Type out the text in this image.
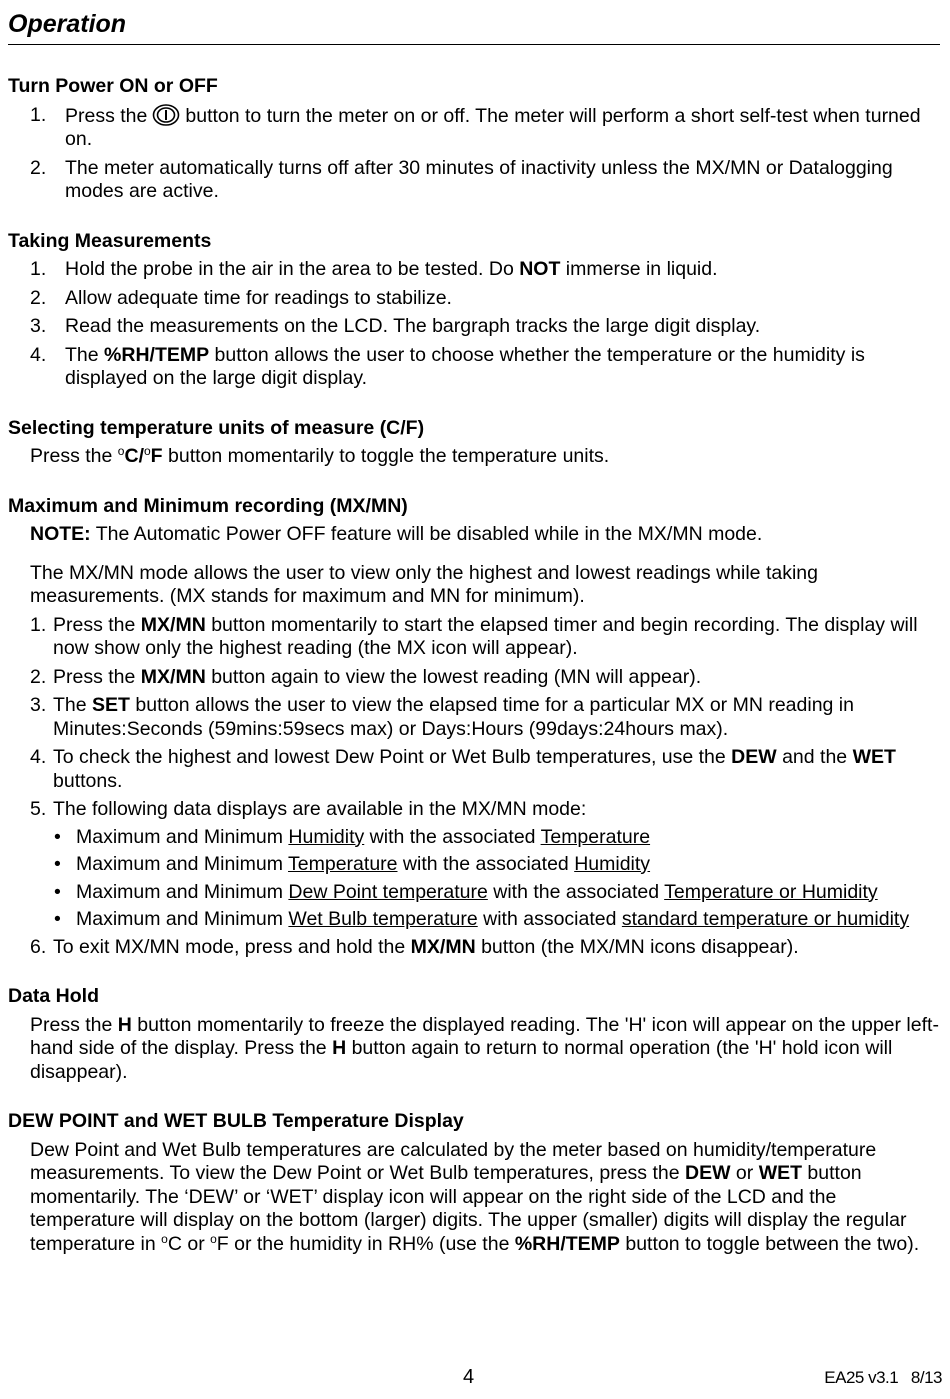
Operation
Turn Power ON or OFF
1. Press the button to turn the meter on or off. The meter will perform a short self-test when turned on.
2. The meter automatically turns off after 30 minutes of inactivity unless the MX/MN or Datalogging modes are active.
Taking Measurements
1. Hold the probe in the air in the area to be tested. Do NOT immerse in liquid.
2. Allow adequate time for readings to stabilize.
3. Read the measurements on the LCD. The bargraph tracks the large digit display.
4. The %RH/TEMP button allows the user to choose whether the temperature or the humidity is displayed on the large digit display.
Selecting temperature units of measure (C/F)

Press the $^o$C/$^o$F button momentarily to toggle the temperature units.

Maximum and Minimum recording (MX/MN)

NOTE: The Automatic Power OFF feature will be disabled while in the MX/MN mode.

The MX/MN mode allows the user to view only the highest and lowest readings while taking measurements. (MX stands for maximum and MN for minimum).

1. Press the MX/MN button momentarily to start the elapsed timer and begin recording. The display will now show only the highest reading (the MX icon will appear).
2. Press the MX/MN button again to view the lowest reading (MN will appear).
3. The SET button allows the user to view the elapsed time for a particular MX or MN reading in Minutes:Seconds (59mins:59secs max) or Days:Hours (99days:24hours max).
4. To check the highest and lowest Dew Point or Wet Bulb temperatures, use the DEW and the WET buttons.
5. The following data displays are available in the MX/MN mode:
• Maximum and Minimum Humidity with the associated Temperature
• Maximum and Minimum Temperature with the associated Humidity
• Maximum and Minimum Dew Point temperature with the associated Temperature or Humidity
• Maximum and Minimum Wet Bulb temperature with associated standard temperature or humidity
6. To exit MX/MN mode, press and hold the MX/MN button (the MX/MN icons disappear).
Data Hold

Press the H button momentarily to freeze the displayed reading. The 'H' icon will appear on the upper left-hand side of the display. Press the H button again to return to normal operation (the 'H' hold icon will disappear).

DEW POINT and WET BULB Temperature Display

Dew Point and Wet Bulb temperatures are calculated by the meter based on humidity/temperature measurements. To view the Dew Point or Wet Bulb temperatures, press the DEW or WET button momentarily. The ‘DEW’ or ‘WET’ display icon will appear on the right side of the LCD and the temperature will display on the bottom (larger) digits. The upper (smaller) digits will display the regular temperature in $^o$C or $^o$F or the humidity in RH% (use the %RH/TEMP button to toggle between the two).

4	EA25 v3.1   8/13
